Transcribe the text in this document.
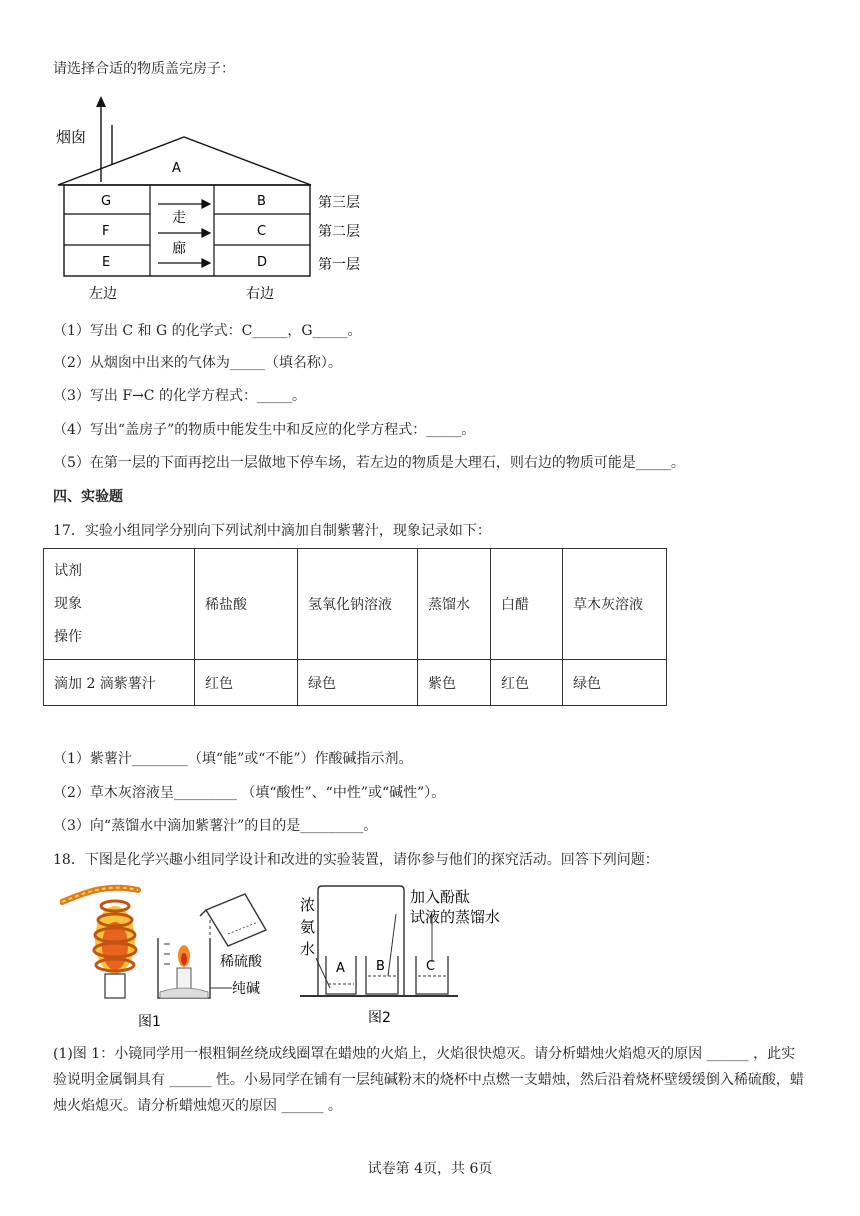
请选择合适的物质盖完房子：
烟囱
A
G
F
E
B
C
D
走
廊
第三层
第二层
第一层
左边	右边
（1）写出 C 和 G 的化学式：C_____，G_____。
（2）从烟囱中出来的气体为_____（填名称）。
（3）写出 F→C 的化学方程式：_____。
（4）写出“盖房子”的物质中能发生中和反应的化学方程式：_____。
（5）在第一层的下面再挖出一层做地下停车场，若左边的物质是大理石，则右边的物质可能是_____。
四、实验题
17．实验小组同学分别向下列试剂中滴加自制紫薯汁，现象记录如下：
试剂
现象
操作	稀盐酸	氢氧化钠溶液	蒸馏水	白醋	草木灰溶液
滴加 2 滴紫薯汁	红色	绿色	紫色	红色	绿色
（1）紫薯汁________（填“能”或“不能”）作酸碱指示剂。
（2）草木灰溶液呈_________ （填“酸性”、“中性”或“碱性”）。
（3）向“蒸馏水中滴加紫薯汁”的目的是_________。
18．下图是化学兴趣小组同学设计和改进的实验装置，请你参与他们的探究活动。回答下列问题：
稀硫酸
纯碱
图1
浓
氨
水
A B	C
加入酚酞
试液的蒸馏水
图2
(1)图 1：小镜同学用一根粗铜丝绕成线圈罩在蜡烛的火焰上，火焰很快熄灭。请分析蜡烛火焰熄灭的原因 ______ ，此实验说明金属铜具有 ______ 性。小易同学在铺有一层纯碱粉末的烧杯中点燃一支蜡烛，然后沿着烧杯壁缓缓倒入稀硫酸，蜡烛火焰熄灭。请分析蜡烛熄灭的原因 ______ 。
试卷第 4页，共 6页
